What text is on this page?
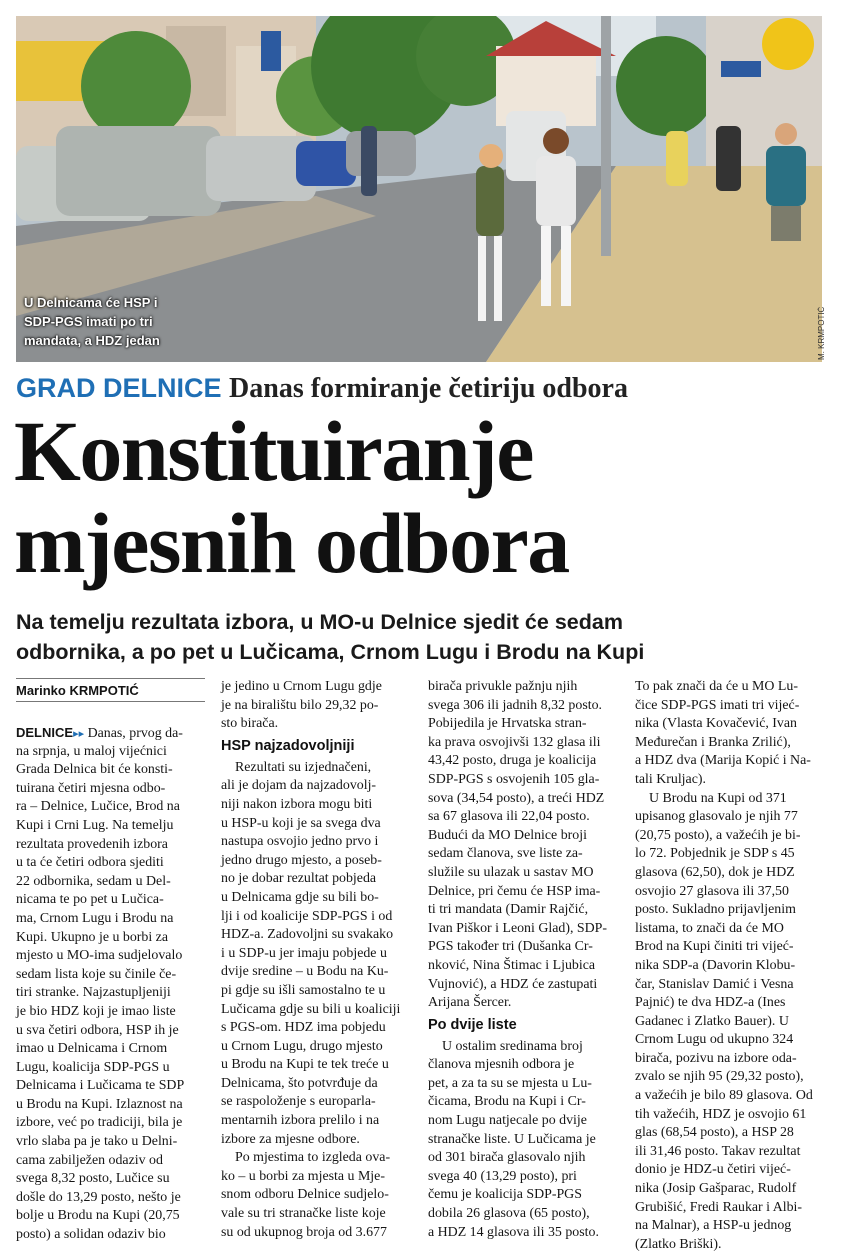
U Delnicama će HSP i
SDP-PGS imati po tri
mandata, a HDZ jedan	M. KRMPOTIĆ
GRAD DELNICE Danas formiranje četiriju odbora
Konstituiranje
mjesnih odbora
Na temelju rezultata izbora, u MO-u Delnice sjedit će sedam
odbornika, a po pet u Lučicama, Crnom Lugu i Brodu na Kupi
Marinko KRMPOTIĆ
DELNICE▸▸ Danas, prvog da-
na srpnja, u maloj vijećnici
Grada Delnica bit će konsti-
tuirana četiri mjesna odbo-
ra – Delnice, Lučice, Brod na
Kupi i Crni Lug. Na temelju
rezultata provedenih izbora
u ta će četiri odbora sjediti
22 odbornika, sedam u Del-
nicama te po pet u Lučica-
ma, Crnom Lugu i Brodu na
Kupi. Ukupno je u borbi za
mjesto u MO-ima sudjelovalo
sedam lista koje su činile če-
tiri stranke. Najzastupljeniji
je bio HDZ koji je imao liste
u sva četiri odbora, HSP ih je
imao u Delnicama i Crnom
Lugu, koalicija SDP-PGS u
Delnicama i Lučicama te SDP
u Brodu na Kupi. Izlaznost na
izbore, već po tradiciji, bila je
vrlo slaba pa je tako u Delni-
cama zabilježen odaziv od
svega 8,32 posto, Lučice su
došle do 13,29 posto, nešto je
bolje u Brodu na Kupi (20,75
posto) a solidan odaziv bio
je jedino u Crnom Lugu gdje
je na biralištu bilo 29,32 po-
sto birača.
HSP najzadovoljniji
Rezultati su izjednačeni,
ali je dojam da najzadovolj-
niji nakon izbora mogu biti
u HSP-u koji je sa svega dva
nastupa osvojio jedno prvo i
jedno drugo mjesto, a poseb-
no je dobar rezultat pobjeda
u Delnicama gdje su bili bo-
lji i od koalicije SDP-PGS i od
HDZ-a. Zadovoljni su svakako
i u SDP-u jer imaju pobjede u
dvije sredine – u Bodu na Ku-
pi gdje su išli samostalno te u
Lučicama gdje su bili u koaliciji
s PGS-om. HDZ ima pobjedu
u Crnom Lugu, drugo mjesto
u Brodu na Kupi te tek treće u
Delnicama, što potvrđuje da
se raspoloženje s europarla-
mentarnih izbora prelilo i na
izbore za mjesne odbore.
Po mjestima to izgleda ova-
ko – u borbi za mjesta u Mje-
snom odboru Delnice sudjelo-
vale su tri stranačke liste koje
su od ukupnog broja od 3.677
birača privukle pažnju njih
svega 306 ili jadnih 8,32 posto.
Pobijedila je Hrvatska stran-
ka prava osvojivši 132 glasa ili
43,42 posto, druga je koalicija
SDP-PGS s osvojenih 105 gla-
sova (34,54 posto), a treći HDZ
sa 67 glasova ili 22,04 posto.
Budući da MO Delnice broji
sedam članova, sve liste za-
služile su ulazak u sastav MO
Delnice, pri čemu će HSP ima-
ti tri mandata (Damir Rajčić,
Ivan Piškor i Leoni Glad), SDP-
PGS također tri (Dušanka Cr-
nković, Nina Štimac i Ljubica
Vujnović), a HDZ će zastupati
Arijana Šercer.
Po dvije liste
U ostalim sredinama broj
članova mjesnih odbora je
pet, a za ta su se mjesta u Lu-
čicama, Brodu na Kupi i Cr-
nom Lugu natjecale po dvije
stranačke liste. U Lučicama je
od 301 birača glasovalo njih
svega 40 (13,29 posto), pri
čemu je koalicija SDP-PGS
dobila 26 glasova (65 posto),
a HDZ 14 glasova ili 35 posto.
To pak znači da će u MO Lu-
čice SDP-PGS imati tri vijeć-
nika (Vlasta Kovačević, Ivan
Međurečan i Branka Zrilić),
a HDZ dva (Marija Kopić i Na-
tali Kruljac).
U Brodu na Kupi od 371
upisanog glasovalo je njih 77
(20,75 posto), a važećih je bi-
lo 72. Pobjednik je SDP s 45
glasova (62,50), dok je HDZ
osvojio 27 glasova ili 37,50
posto. Sukladno prijavljenim
listama, to znači da će MO
Brod na Kupi činiti tri vijeć-
nika SDP-a (Davorin Klobu-
čar, Stanislav Damić i Vesna
Pajnić) te dva HDZ-a (Ines
Gadanec i Zlatko Bauer). U
Crnom Lugu od ukupno 324
birača, pozivu na izbore oda-
zvalo se njih 95 (29,32 posto),
a važećih je bilo 89 glasova. Od
tih važećih, HDZ je osvojio 61
glas (68,54 posto), a HSP 28
ili 31,46 posto. Takav rezultat
donio je HDZ-u četiri vijeć-
nika (Josip Gašparac, Rudolf
Grubišić, Fredi Raukar i Albi-
na Malnar), a HSP-u jednog
(Zlatko Briški).
